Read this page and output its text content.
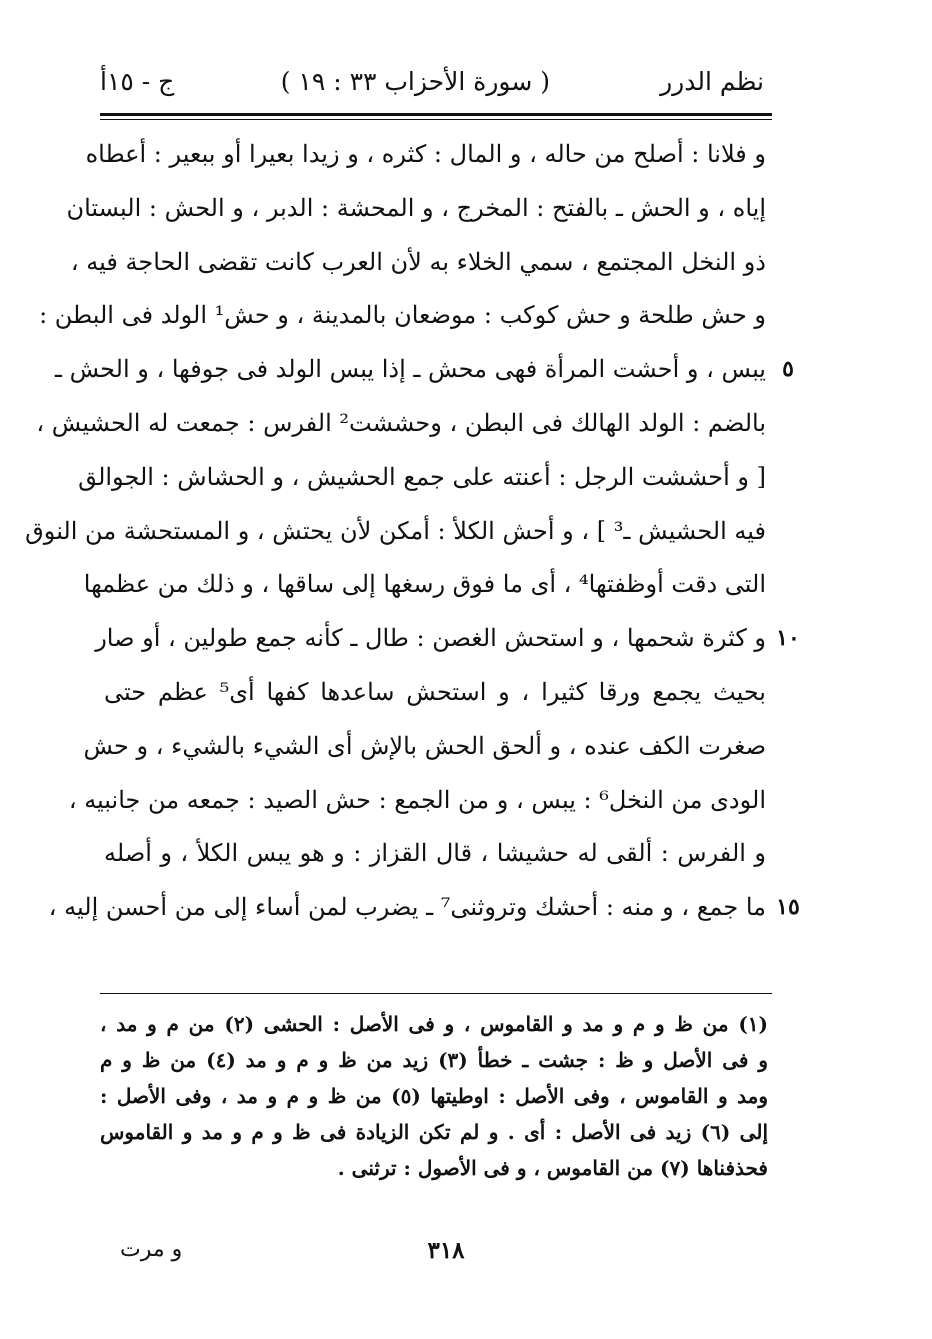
نظم الدرر
( سورة الأحزاب ٣٣ : ١٩ )
ج - ١٥أ
و فلانا : أصلح من حاله ، و المال : كثره ، و زيدا بعيرا أو ببعير : أعطاه
إياه ، و الحش ـ بالفتح : المخرج ، و المحشة : الدبر ، و الحش : البستان
ذو النخل المجتمع ، سمي الخلاء به لأن العرب كانت تقضى الحاجة فيه ،
و حش طلحة و حش كوكب : موضعان بالمدينة ، و حش¹ الولد فى البطن :
يبس ، و أحشت المرأة فهى محش ـ إذا يبس الولد فى جوفها ، و الحش ـ ٥
بالضم : الولد الهالك فى البطن ، وحششت² الفرس : جمعت له الحشيش ،
[ و أحششت الرجل : أعنته على جمع الحشيش ، و الحشاش : الجوالق
فيه الحشيش ـ³ ] ، و أحش الكلأ : أمكن لأن يحتش ، و المستحشة من النوق
التى دقت أوظفتها⁴ ، أى ما فوق رسغها إلى ساقها ، و ذلك من عظمها
و كثرة شحمها ، و استحش الغصن : طال ـ كأنه جمع طولين ، أو صار ١٠
بحيث يجمع ورقا كثيرا ، و استحش ساعدها كفها أى⁵ عظم حتى
صغرت الكف عنده ، و ألحق الحش بالإش أى الشيء بالشيء ، و حش
الودى من النخل⁶ : يبس ، و من الجمع : حش الصيد : جمعه من جانبيه ،
و الفرس : ألقى له حشيشا ، قال القزاز : و هو يبس الكلأ ، و أصله
ما جمع ، و منه : أحشك وتروثنى⁷ ـ يضرب لمن أساء إلى من أحسن إليه ، ١٥
(١) من ظ و م و مد و القاموس ، و فى الأصل : الحشى (٢) من م و مد ،
و فى الأصل و ظ : جشت ـ خطأ (٣) زيد من ظ و م و مد (٤) من ظ و م
ومد و القاموس ، وفى الأصل : اوطيتها (٥) من ظ و م و مد ، وفى الأصل :
إلى (٦) زيد فى الأصل : أى . و لم تكن الزيادة فى ظ و م و مد و القاموس
فحذفناها (٧) من القاموس ، و فى الأصول : ترثنى .
٣١٨
و مرت
